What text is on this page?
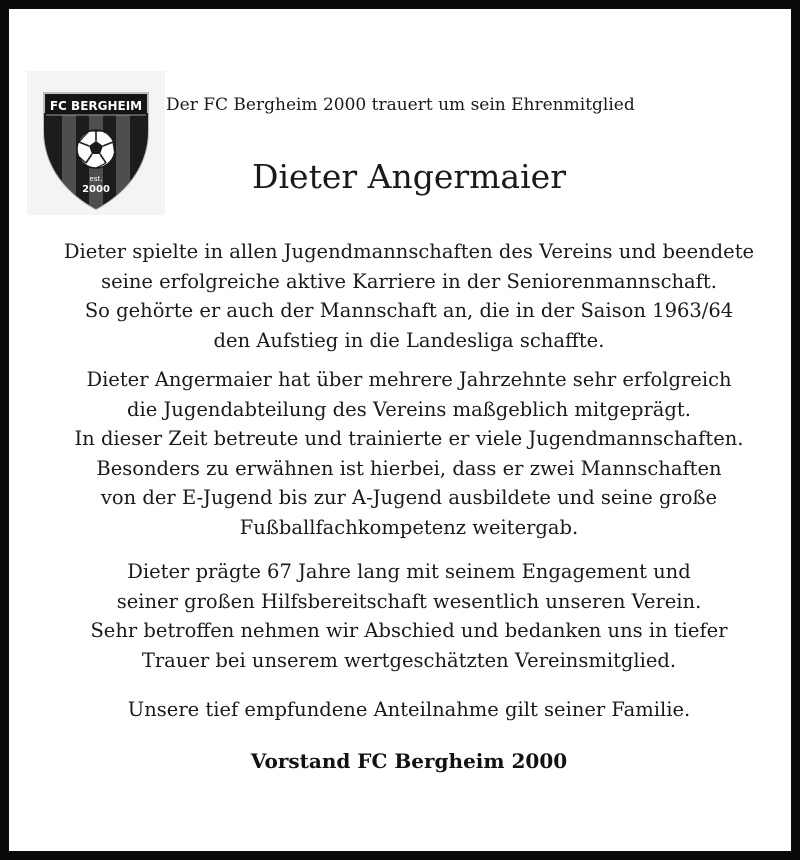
FC BERGHEIM
est.
2000
Der FC Bergheim 2000 trauert um sein Ehrenmitglied
Dieter Angermaier
Dieter spielte in allen Jugendmannschaften des Vereins und beendete
seine erfolgreiche aktive Karriere in der Seniorenmannschaft.
So gehörte er auch der Mannschaft an, die in der Saison 1963/64
den Aufstieg in die Landesliga schaffte.
Dieter Angermaier hat über mehrere Jahrzehnte sehr erfolgreich
die Jugendabteilung des Vereins maßgeblich mitgeprägt.
In dieser Zeit betreute und trainierte er viele Jugendmannschaften.
Besonders zu erwähnen ist hierbei, dass er zwei Mannschaften
von der E-Jugend bis zur A-Jugend ausbildete und seine große
Fußballfachkompetenz weitergab.
Dieter prägte 67 Jahre lang mit seinem Engagement und
seiner großen Hilfsbereitschaft wesentlich unseren Verein.
Sehr betroffen nehmen wir Abschied und bedanken uns in tiefer
Trauer bei unserem wertgeschätzten Vereinsmitglied.
Unsere tief empfundene Anteilnahme gilt seiner Familie.
Vorstand FC Bergheim 2000
